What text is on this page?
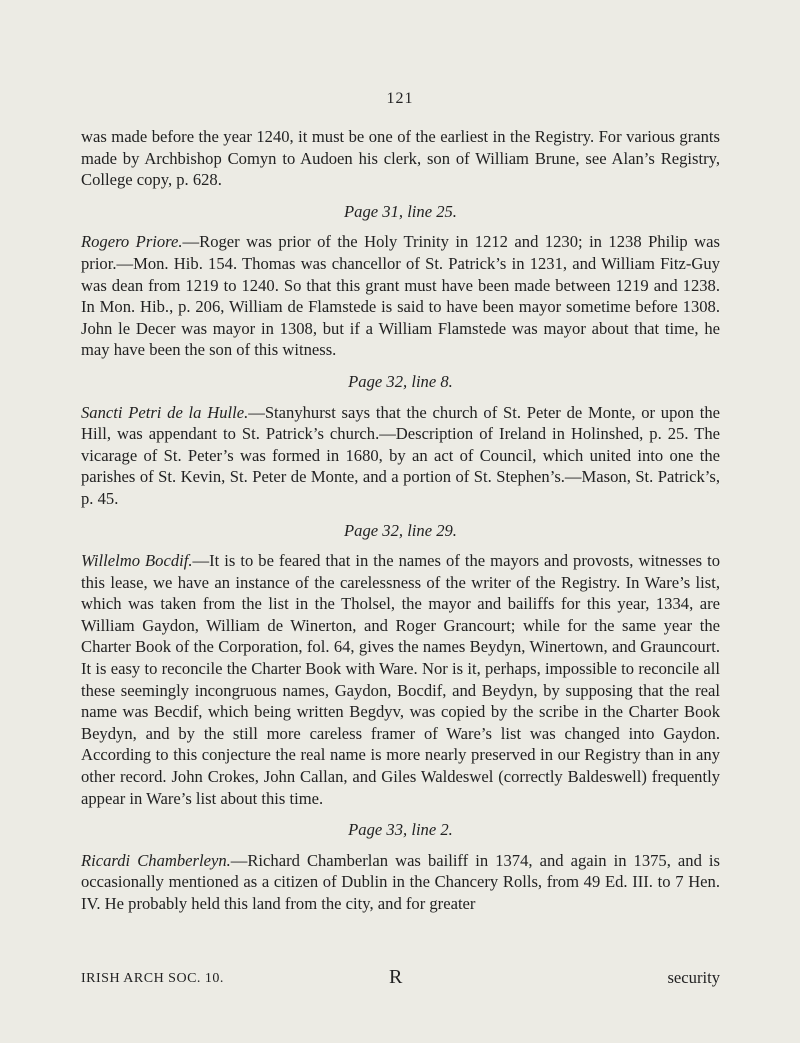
121

was made before the year 1240, it must be one of the earliest in the Registry. For various grants made by Archbishop Comyn to Audoen his clerk, son of William Brune, see Alan’s Registry, College copy, p. 628.

Page 31, line 25.

Rogero Priore.—Roger was prior of the Holy Trinity in 1212 and 1230; in 1238 Philip was prior.—Mon. Hib. 154. Thomas was chancellor of St. Patrick’s in 1231, and William Fitz-Guy was dean from 1219 to 1240. So that this grant must have been made between 1219 and 1238. In Mon. Hib., p. 206, William de Flamstede is said to have been mayor sometime before 1308. John le Decer was mayor in 1308, but if a William Flamstede was mayor about that time, he may have been the son of this witness.

Page 32, line 8.

Sancti Petri de la Hulle.—Stanyhurst says that the church of St. Peter de Monte, or upon the Hill, was appendant to St. Patrick’s church.—Description of Ireland in Holinshed, p. 25. The vicarage of St. Peter’s was formed in 1680, by an act of Council, which united into one the parishes of St. Kevin, St. Peter de Monte, and a portion of St. Stephen’s.—Mason, St. Patrick’s, p. 45.

Page 32, line 29.

Willelmo Bocdif.—It is to be feared that in the names of the mayors and provosts, witnesses to this lease, we have an instance of the carelessness of the writer of the Registry. In Ware’s list, which was taken from the list in the Tholsel, the mayor and bailiffs for this year, 1334, are William Gaydon, William de Winerton, and Roger Grancourt; while for the same year the Charter Book of the Corporation, fol. 64, gives the names Beydyn, Winertown, and Grauncourt. It is easy to reconcile the Charter Book with Ware. Nor is it, perhaps, impossible to reconcile all these seemingly incongruous names, Gaydon, Bocdif, and Beydyn, by supposing that the real name was Becdif, which being written Begdyv, was copied by the scribe in the Charter Book Beydyn, and by the still more careless framer of Ware’s list was changed into Gaydon. According to this conjecture the real name is more nearly preserved in our Registry than in any other record. John Crokes, John Callan, and Giles Waldeswel (correctly Baldeswell) frequently appear in Ware’s list about this time.

Page 33, line 2.

Ricardi Chamberleyn.—Richard Chamberlan was bailiff in 1374, and again in 1375, and is occasionally mentioned as a citizen of Dublin in the Chancery Rolls, from 49 Ed. III. to 7 Hen. IV. He probably held this land from the city, and for greater

IRISH ARCH SOC. 10.	R	security
